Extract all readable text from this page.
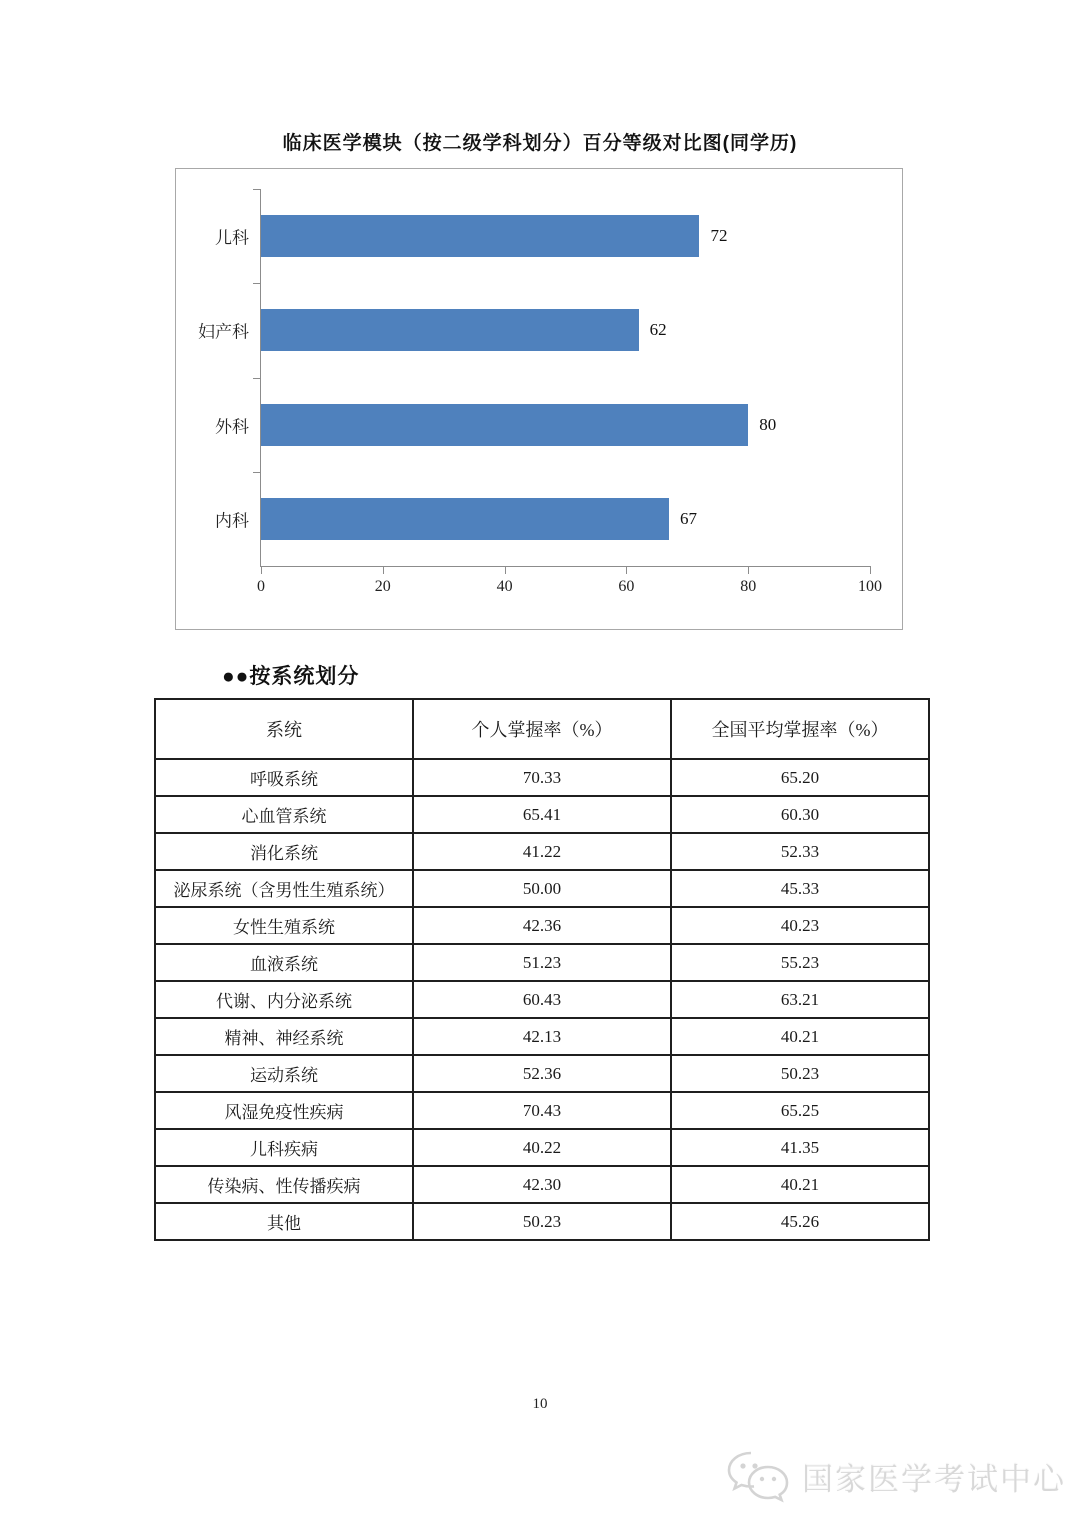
临床医学模块（按二级学科划分）百分等级对比图(同学历)
儿科	72
妇产科	62
外科	80
内科	67
0	20	40	60	80	100
●●按系统划分
系统	个人掌握率（%）	全国平均掌握率（%）
呼吸系统	70.33	65.20
心血管系统	65.41	60.30
消化系统	41.22	52.33
泌尿系统（含男性生殖系统）	50.00	45.33
女性生殖系统	42.36	40.23
血液系统	51.23	55.23
代谢、内分泌系统	60.43	63.21
精神、神经系统	42.13	40.21
运动系统	52.36	50.23
风湿免疫性疾病	70.43	65.25
儿科疾病	40.22	41.35
传染病、性传播疾病	42.30	40.21
其他	50.23	45.26
10
国家医学考试中心
